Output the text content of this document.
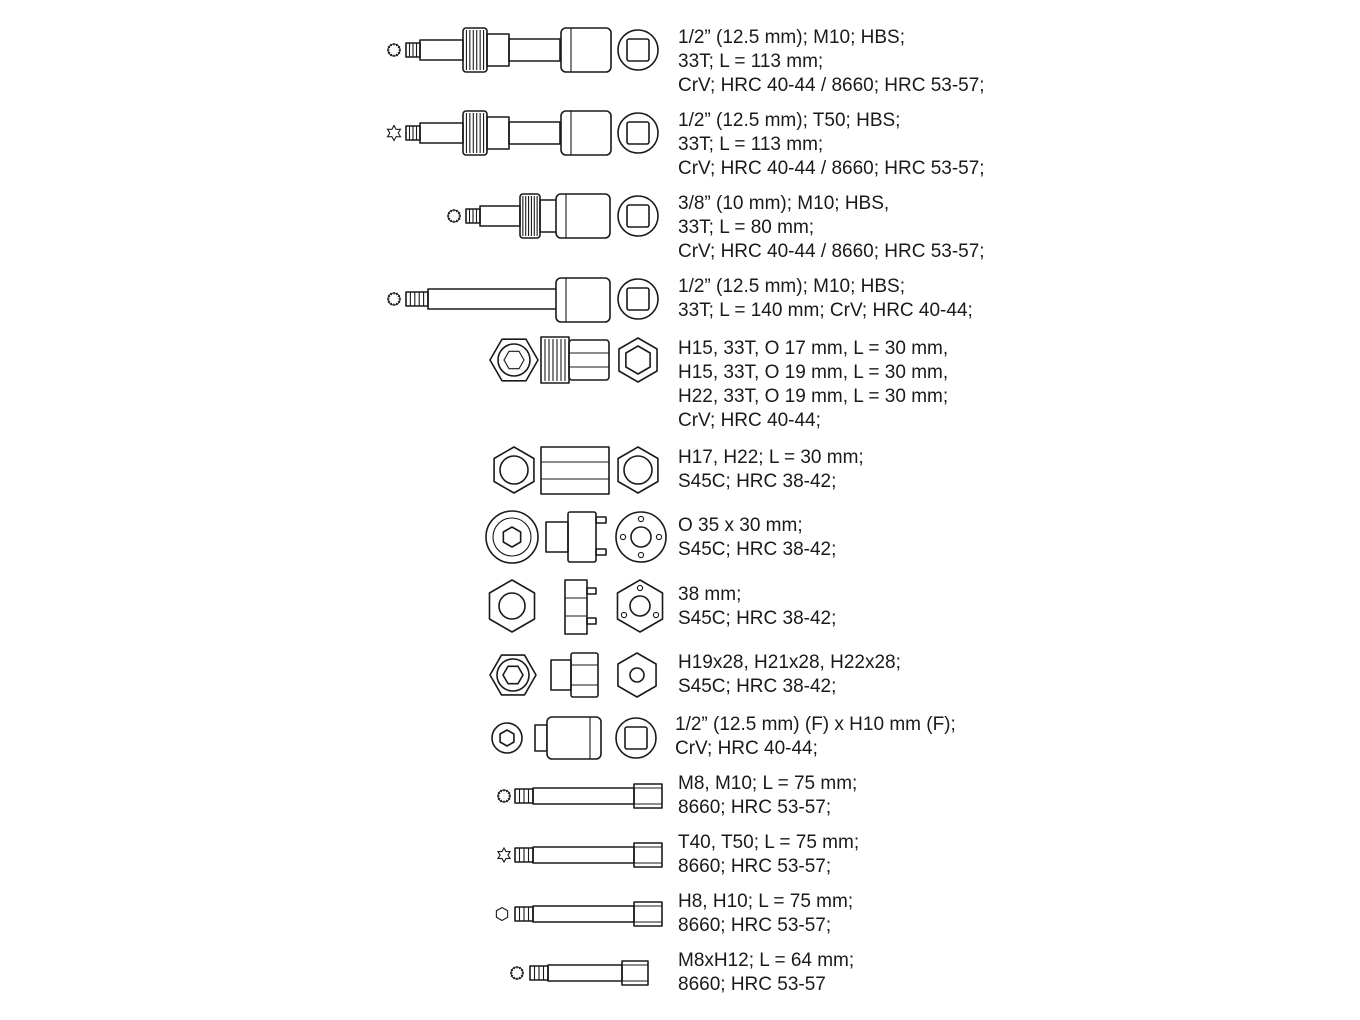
1/2” (12.5 mm); M10; HBS;
33T; L = 113 mm;
CrV; HRC 40-44 / 8660; HRC 53-57;
1/2” (12.5 mm); T50; HBS;
33T; L = 113 mm;
CrV; HRC 40-44 / 8660; HRC 53-57;
3/8” (10 mm); M10; HBS,
33T; L = 80 mm;
CrV; HRC 40-44 / 8660; HRC 53-57;
1/2” (12.5 mm); M10; HBS;
33T; L = 140 mm; CrV; HRC 40-44;
H15, 33T, O 17 mm, L = 30 mm,
H15, 33T, O 19 mm, L = 30 mm,
H22, 33T, O 19 mm, L = 30 mm;
CrV; HRC 40-44;
H17, H22; L = 30 mm;
S45C; HRC 38-42;
O 35 x 30 mm;
S45C; HRC 38-42;
38 mm;
S45C; HRC 38-42;
H19x28, H21x28, H22x28;
S45C; HRC 38-42;
1/2” (12.5 mm) (F) x H10 mm (F);
CrV; HRC 40-44;
M8, M10; L = 75 mm;
8660; HRC 53-57;
T40, T50; L = 75 mm;
8660; HRC 53-57;
H8, H10; L = 75 mm;
8660; HRC 53-57;
M8xH12; L = 64 mm;
8660; HRC 53-57
